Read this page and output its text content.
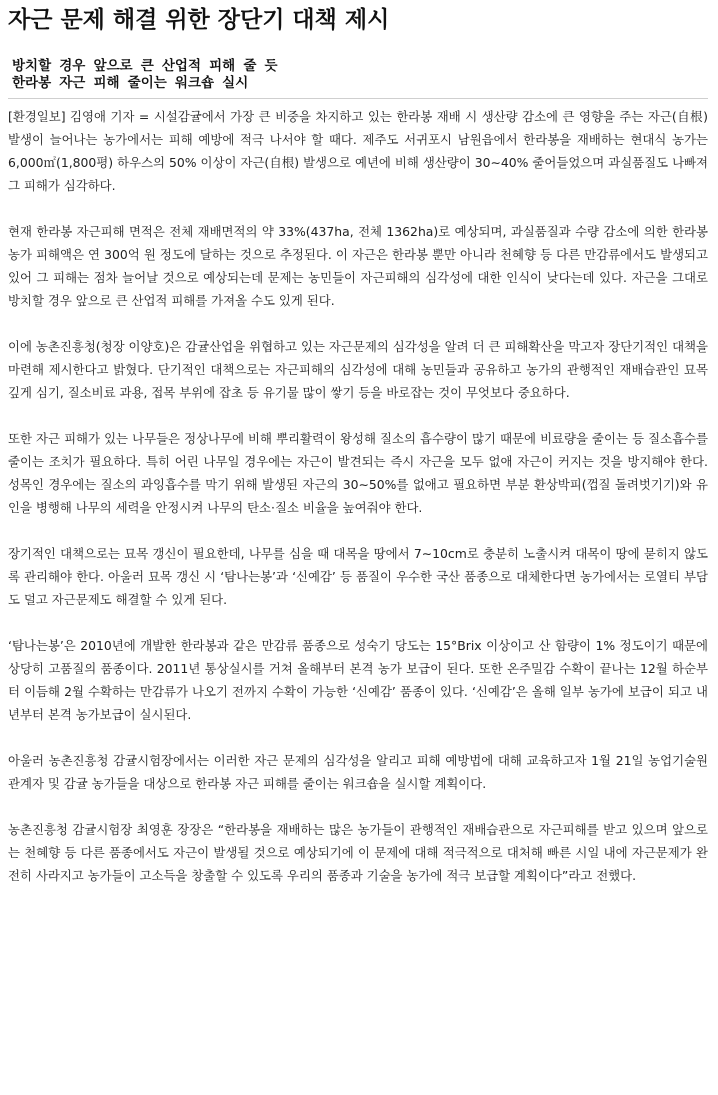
자근 문제 해결 위한 장단기 대책 제시
방치할 경우 앞으로 큰 산업적 피해 줄 듯
한라봉 자근 피해 줄이는 워크숍 실시

[환경일보] 김영애 기자 = 시설감귤에서 가장 큰 비중을 차지하고 있는 한라봉 재배 시 생산량 감소에 큰 영향을 주는 자근(自根) 발생이 늘어나는 농가에서는 피해 예방에 적극 나서야 할 때다. 제주도 서귀포시 남원읍에서 한라봉을 재배하는 현대식 농가는 6,000㎡(1,800평) 하우스의 50% 이상이 자근(自根) 발생으로 예년에 비해 생산량이 30∼40% 줄어들었으며 과실품질도 나빠져 그 피해가 심각하다.

현재 한라봉 자근피해 면적은 전체 재배면적의 약 33%(437ha, 전체 1362ha)로 예상되며, 과실품질과 수량 감소에 의한 한라봉 농가 피해액은 연 300억 원 정도에 달하는 것으로 추정된다. 이 자근은 한라봉 뿐만 아니라 천혜향 등 다른 만감류에서도 발생되고 있어 그 피해는 점차 늘어날 것으로 예상되는데 문제는 농민들이 자근피해의 심각성에 대한 인식이 낮다는데 있다. 자근을 그대로 방치할 경우 앞으로 큰 산업적 피해를 가져올 수도 있게 된다.

이에 농촌진흥청(청장 이양호)은 감귤산업을 위협하고 있는 자근문제의 심각성을 알려 더 큰 피해확산을 막고자 장단기적인 대책을 마련해 제시한다고 밝혔다. 단기적인 대책으로는 자근피해의 심각성에 대해 농민들과 공유하고 농가의 관행적인 재배습관인 묘목 깊게 심기, 질소비료 과용, 접목 부위에 잡초 등 유기물 많이 쌓기 등을 바로잡는 것이 무엇보다 중요하다.

또한 자근 피해가 있는 나무들은 정상나무에 비해 뿌리활력이 왕성해 질소의 흡수량이 많기 때문에 비료량을 줄이는 등 질소흡수를 줄이는 조치가 필요하다. 특히 어린 나무일 경우에는 자근이 발견되는 즉시 자근을 모두 없애 자근이 커지는 것을 방지해야 한다. 성목인 경우에는 질소의 과잉흡수를 막기 위해 발생된 자근의 30∼50%를 없애고 필요하면 부분 환상박피(껍질 돌려벗기기)와 유인을 병행해 나무의 세력을 안정시켜 나무의 탄소·질소 비율을 높여줘야 한다.

장기적인 대책으로는 묘목 갱신이 필요한데, 나무를 심을 때 대목을 땅에서 7∼10cm로 충분히 노출시켜 대목이 땅에 묻히지 않도록 관리해야 한다. 아울러 묘목 갱신 시 ‘탐나는봉’과 ‘신예감’ 등 품질이 우수한 국산 품종으로 대체한다면 농가에서는 로열티 부담도 덜고 자근문제도 해결할 수 있게 된다.

‘탐나는봉’은 2010년에 개발한 한라봉과 같은 만감류 품종으로 성숙기 당도는 15°Brix 이상이고 산 함량이 1% 정도이기 때문에 상당히 고품질의 품종이다. 2011년 통상실시를 거쳐 올해부터 본격 농가 보급이 된다. 또한 온주밀감 수확이 끝나는 12월 하순부터 이듬해 2월 수확하는 만감류가 나오기 전까지 수확이 가능한 ‘신예감’ 품종이 있다. ‘신예감’은 올해 일부 농가에 보급이 되고 내년부터 본격 농가보급이 실시된다.

아울러 농촌진흥청 감귤시험장에서는 이러한 자근 문제의 심각성을 알리고 피해 예방법에 대해 교육하고자 1월 21일 농업기술원 관계자 및 감귤 농가들을 대상으로 한라봉 자근 피해를 줄이는 워크숍을 실시할 계획이다.

농촌진흥청 감귤시험장 최영훈 장장은 “한라봉을 재배하는 많은 농가들이 관행적인 재배습관으로 자근피해를 받고 있으며 앞으로는 천혜향 등 다른 품종에서도 자근이 발생될 것으로 예상되기에 이 문제에 대해 적극적으로 대처해 빠른 시일 내에 자근문제가 완전히 사라지고 농가들이 고소득을 창출할 수 있도록 우리의 품종과 기술을 농가에 적극 보급할 계획이다”라고 전했다.
